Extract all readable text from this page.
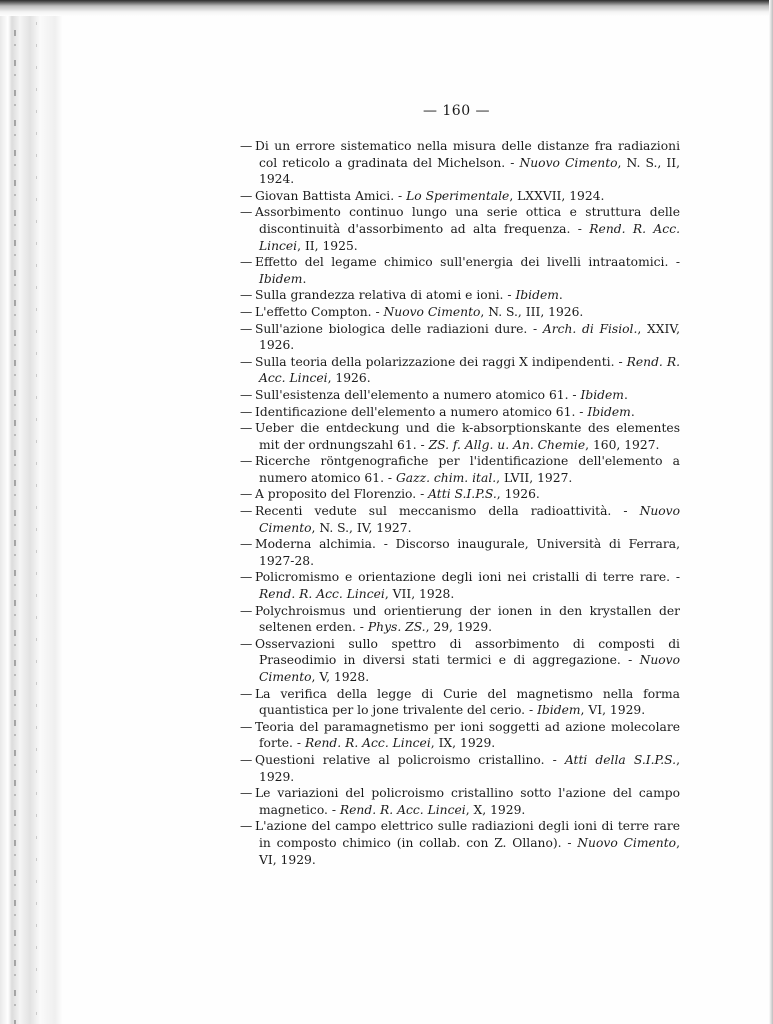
— 160 —
— Di un errore sistematico nella misura delle distanze fra radiazioni col reticolo a gradinata del Michelson. - Nuovo Cimento, N. S., II, 1924.
— Giovan Battista Amici. - Lo Sperimentale, LXXVII, 1924.
— Assorbimento continuo lungo una serie ottica e struttura delle discontinuità d'assorbimento ad alta frequenza. - Rend. R. Acc. Lincei, II, 1925.
— Effetto del legame chimico sull'energia dei livelli intraatomici. - Ibidem.
— Sulla grandezza relativa di atomi e ioni. - Ibidem.
— L'effetto Compton. - Nuovo Cimento, N. S., III, 1926.
— Sull'azione biologica delle radiazioni dure. - Arch. di Fisiol., XXIV, 1926.
— Sulla teoria della polarizzazione dei raggi X indipendenti. - Rend. R. Acc. Lincei, 1926.
— Sull'esistenza dell'elemento a numero atomico 61. - Ibidem.
— Identificazione dell'elemento a numero atomico 61. - Ibidem.
— Ueber die entdeckung und die k-absorptionskante des elementes mit der ordnungszahl 61. - ZS. f. Allg. u. An. Chemie, 160, 1927.
— Ricerche röntgenografiche per l'identificazione dell'elemento a numero atomico 61. - Gazz. chim. ital., LVII, 1927.
— A proposito del Florenzio. - Atti S.I.P.S., 1926.
— Recenti vedute sul meccanismo della radioattività. - Nuovo Cimento, N. S., IV, 1927.
— Moderna alchimia. - Discorso inaugurale, Università di Ferrara, 1927-28.
— Policromismo e orientazione degli ioni nei cristalli di terre rare. - Rend. R. Acc. Lincei, VII, 1928.
— Polychroismus und orientierung der ionen in den krystallen der seltenen erden. - Phys. ZS., 29, 1929.
— Osservazioni sullo spettro di assorbimento di composti di Praseodimio in diversi stati termici e di aggregazione. - Nuovo Cimento, V, 1928.
— La verifica della legge di Curie del magnetismo nella forma quantistica per lo jone trivalente del cerio. - Ibidem, VI, 1929.
— Teoria del paramagnetismo per ioni soggetti ad azione molecolare forte. - Rend. R. Acc. Lincei, IX, 1929.
— Questioni relative al policroismo cristallino. - Atti della S.I.P.S., 1929.
— Le variazioni del policroismo cristallino sotto l'azione del campo magnetico. - Rend. R. Acc. Lincei, X, 1929.
— L'azione del campo elettrico sulle radiazioni degli ioni di terre rare in composto chimico (in collab. con Z. Ollano). - Nuovo Cimento, VI, 1929.
